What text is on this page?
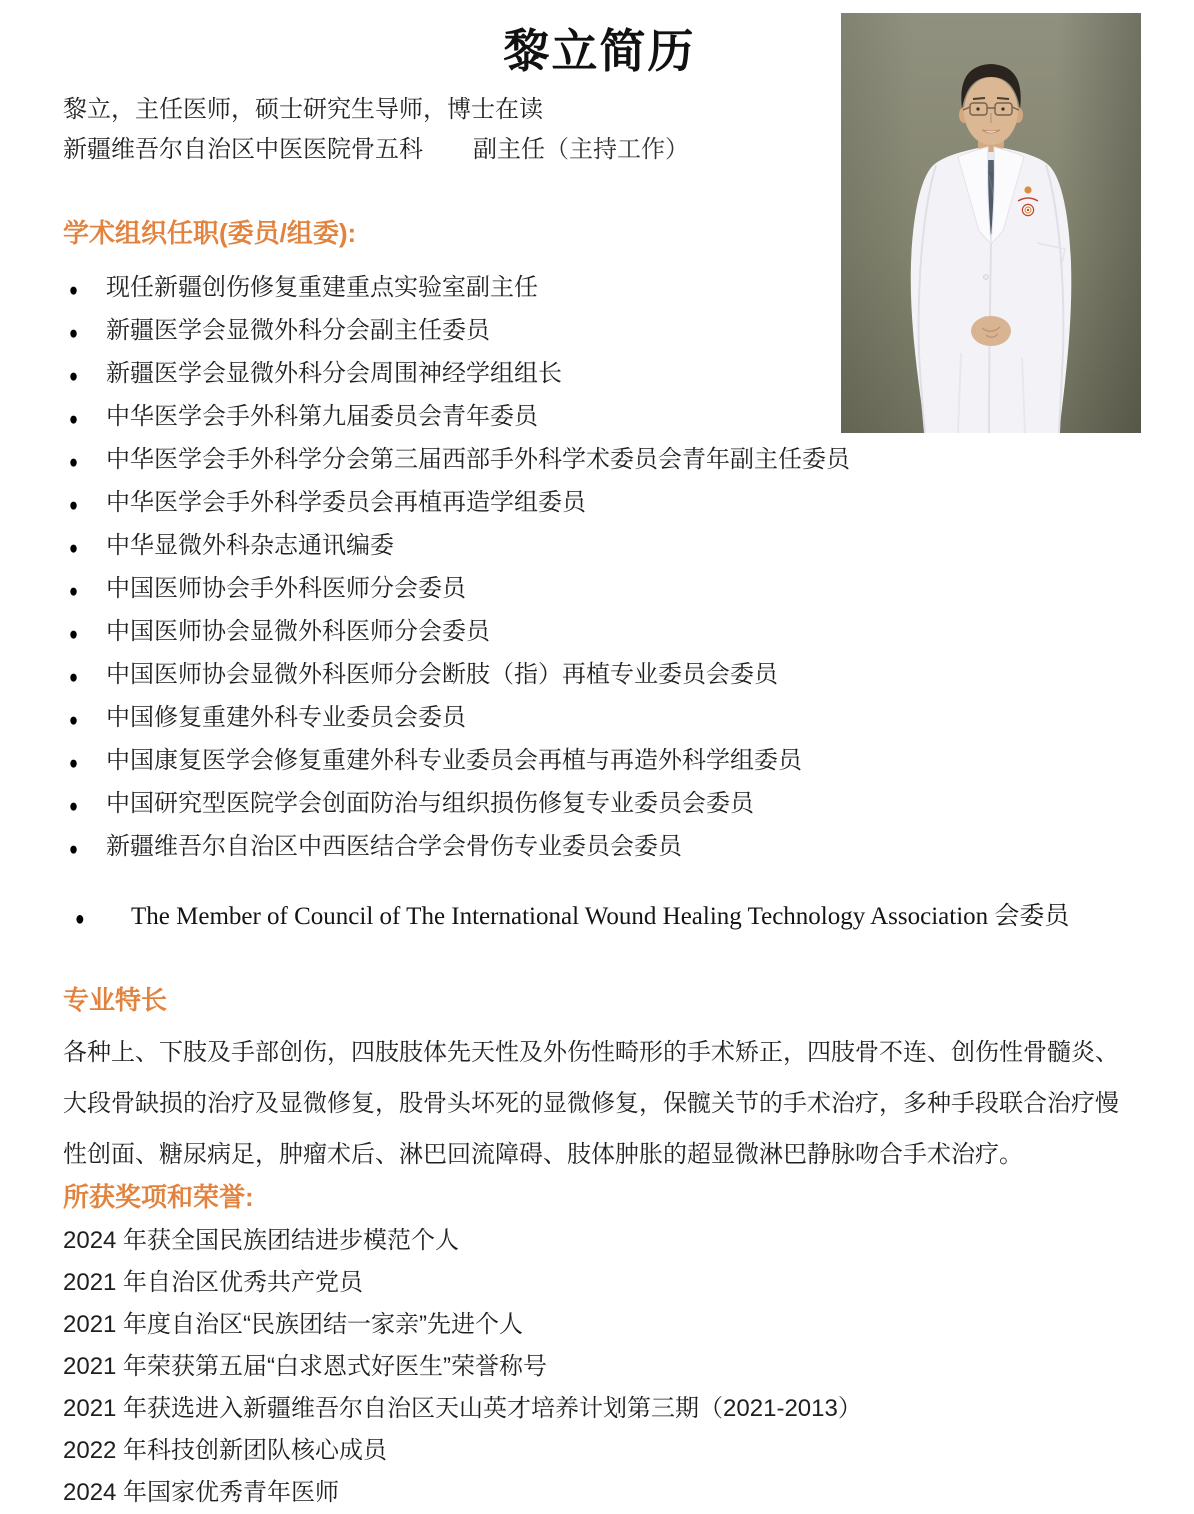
黎立简历
黎立，主任医师，硕士研究生导师，博士在读
新疆维吾尔自治区中医医院骨五科 副主任（主持工作）
学术组织任职(委员/组委):
●	现任新疆创伤修复重建重点实验室副主任
●	新疆医学会显微外科分会副主任委员
●	新疆医学会显微外科分会周围神经学组组长
●	中华医学会手外科第九届委员会青年委员
●	中华医学会手外科学分会第三届西部手外科学术委员会青年副主任委员
●	中华医学会手外科学委员会再植再造学组委员
●	中华显微外科杂志通讯编委
●	中国医师协会手外科医师分会委员
●	中国医师协会显微外科医师分会委员
●	中国医师协会显微外科医师分会断肢（指）再植专业委员会委员
●	中国修复重建外科专业委员会委员
●	中国康复医学会修复重建外科专业委员会再植与再造外科学组委员
●	中国研究型医院学会创面防治与组织损伤修复专业委员会委员
●	新疆维吾尔自治区中西医结合学会骨伤专业委员会委员
●	The Member of Council of The International Wound Healing Technology Association 会委员
专业特长

各种上、下肢及手部创伤，四肢肢体先天性及外伤性畸形的手术矫正，四肢骨不连、创伤性骨髓炎、大段骨缺损的治疗及显微修复，股骨头坏死的显微修复，保髋关节的手术治疗，多种手段联合治疗慢性创面、糖尿病足，肿瘤术后、淋巴回流障碍、肢体肿胀的超显微淋巴静脉吻合手术治疗。

所获奖项和荣誉:
2024 年获全国民族团结进步模范个人
2021 年自治区优秀共产党员
2021 年度自治区“民族团结一家亲”先进个人
2021 年荣获第五届“白求恩式好医生”荣誉称号
2021 年获选进入新疆维吾尔自治区天山英才培养计划第三期（2021-2013）
2022 年科技创新团队核心成员
2024 年国家优秀青年医师
